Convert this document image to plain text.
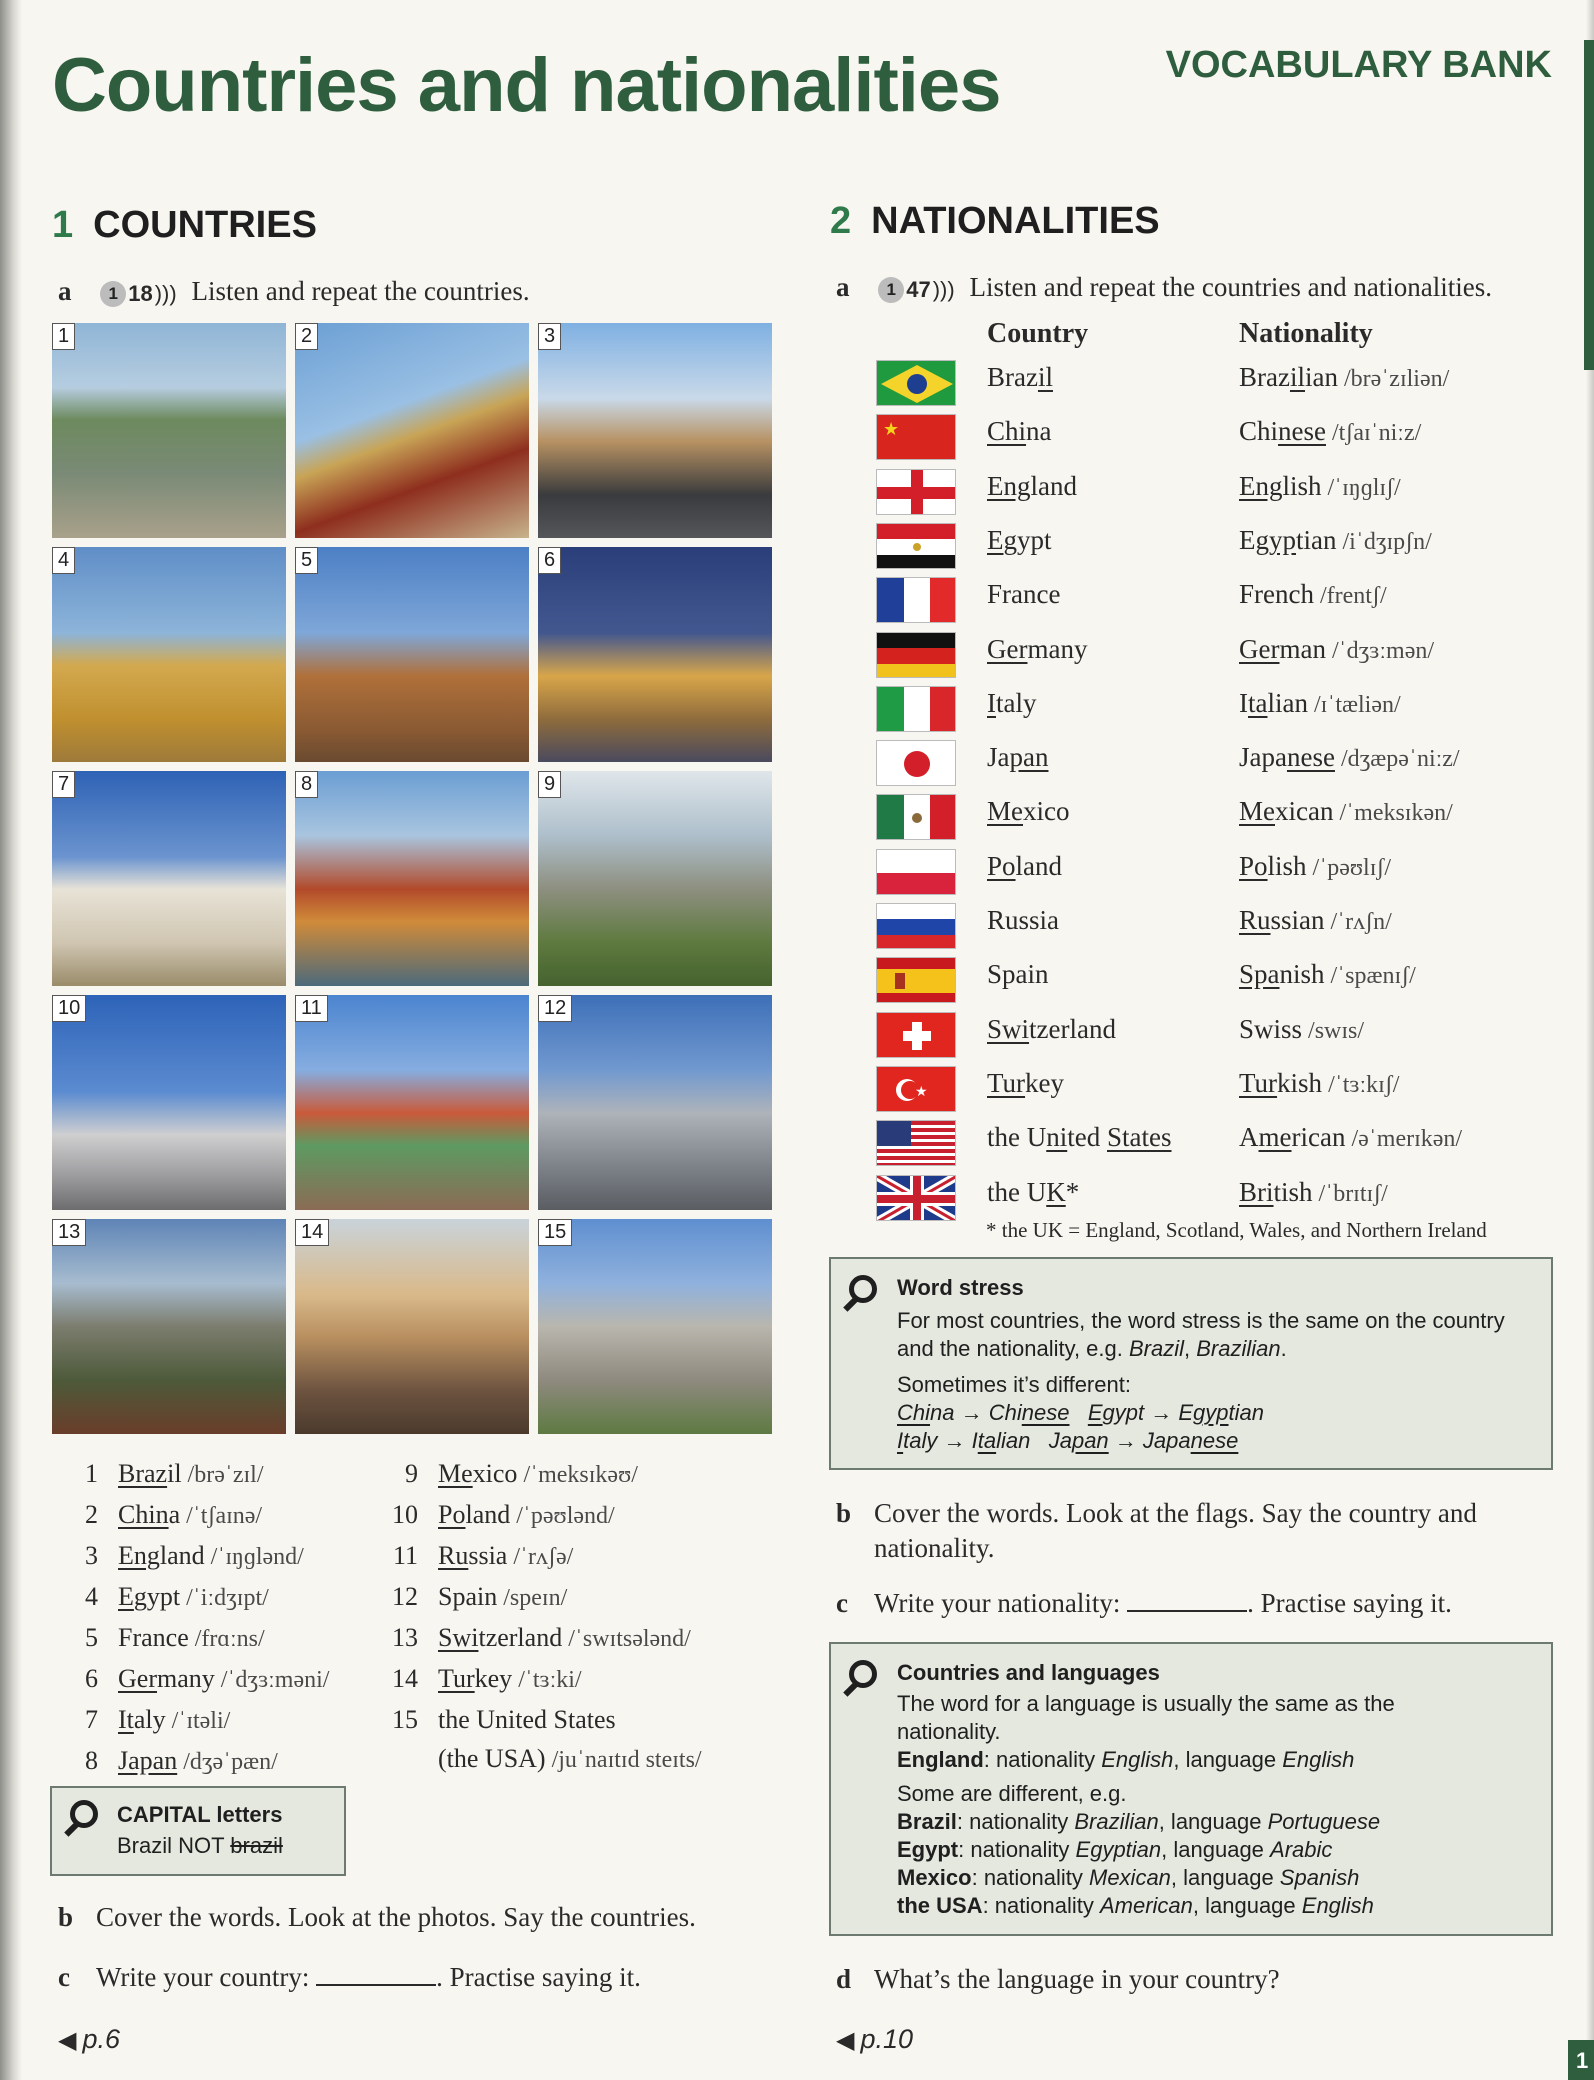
1
Countries and nationalities	VOCABULARY BANK
1 COUNTRIES
a	1 18 ))) Listen and repeat the countries.
1	2	3
4	5	6
7	8	9
10	11	12
13	14	15
1 Brazil /brəˈzɪl/
2 China /ˈtʃaɪnə/
3 England /ˈɪŋɡlənd/
4 Egypt /ˈiːdʒɪpt/
5 France /frɑːns/
6 Germany /ˈdʒɜːməni/
7 Italy /ˈɪtəli/
8 Japan /dʒəˈpæn/
9 Mexico /ˈmeksɪkəʊ/
10 Poland /ˈpəʊlənd/
11 Russia /ˈrʌʃə/
12 Spain /speɪn/
13 Switzerland /ˈswɪtsələnd/
14 Turkey /ˈtɜːki/
15 the United States
(the USA) /juˈnaɪtɪd steɪts/
CAPITAL letters
Brazil NOT brazil
b Cover the words. Look at the photos. Say the countries.
c Write your country:	. Practise saying it.
◀ p.6
2 NATIONALITIES
a	1 47 ))) Listen and repeat the countries and nationalities.
Country	Nationality
Brazil	Brazilian /brəˈzɪliən/
★	China	Chinese /tʃaɪˈniːz/
England	English /ˈɪŋɡlɪʃ/
Egypt	Egyptian /iˈdʒɪpʃn/
France	French /frentʃ/
Germany	German /ˈdʒɜːmən/
Italy	Italian /ɪˈtæliən/
Japan	Japanese /dʒæpəˈniːz/
Mexico	Mexican /ˈmeksɪkən/
Poland	Polish /ˈpəʊlɪʃ/
Russia	Russian /ˈrʌʃn/
Spain	Spanish /ˈspænɪʃ/
Switzerland	Swiss /swɪs/
★ Turkey	Turkish /ˈtɜːkɪʃ/
the United States	American /əˈmerɪkən/
the UK*	British /ˈbrɪtɪʃ/
* the UK = England, Scotland, Wales, and Northern Ireland
Word stress
For most countries, the word stress is the same on the country and the nationality, e.g. Brazil, Brazilian.
Sometimes it’s different:
China → Chinese Egypt → Egyptian
Italy → Italian Japan → Japanese
b Cover the words. Look at the flags. Say the country and nationality.
c Write your nationality:	. Practise saying it.
Countries and languages
The word for a language is usually the same as the nationality.
England: nationality English, language English
Some are different, e.g.
Brazil: nationality Brazilian, language Portuguese
Egypt: nationality Egyptian, language Arabic
Mexico: nationality Mexican, language Spanish
the USA: nationality American, language English
d What’s the language in your country?
◀ p.10
